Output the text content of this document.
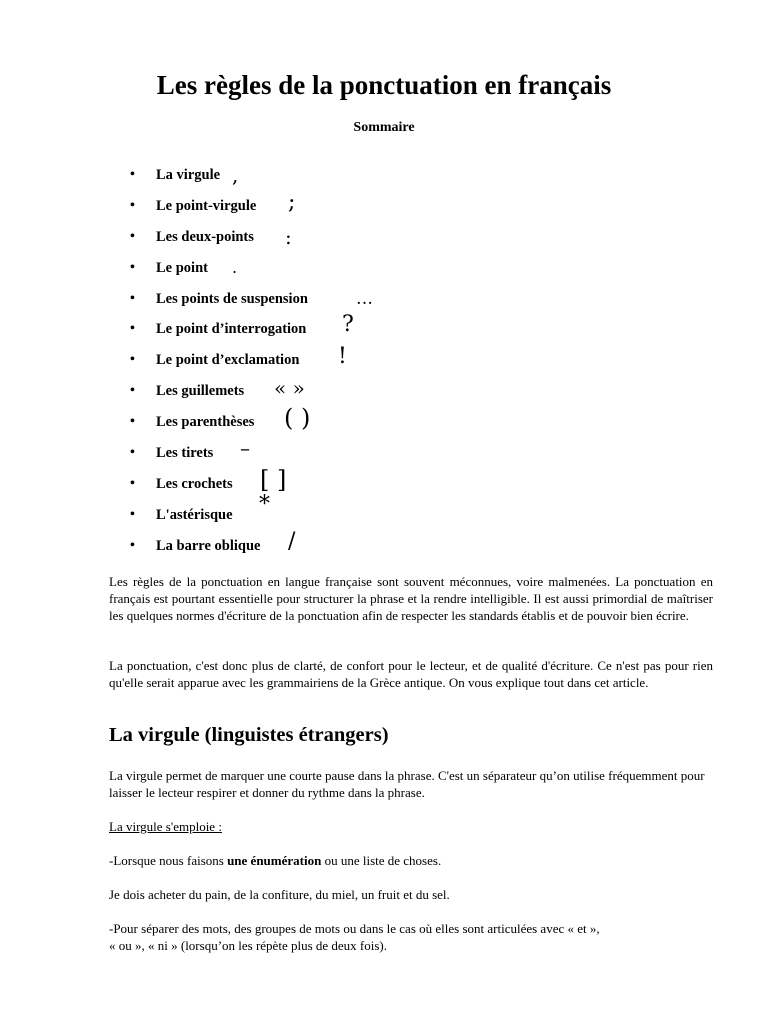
Les règles de la ponctuation en français
Sommaire
• La virgule ,
• Le point-virgule ;
• Les deux-points :
• Le point .
• Les points de suspension	…
• Le point d’interrogation ?
• Le point d’exclamation !
• Les guillemets « »
• Les parenthèses ( )
• Les tirets –
• Les crochets [ ]
• L'astérisque *
• La barre oblique /

Les règles de la ponctuation en langue française sont souvent méconnues, voire malmenées. La ponctuation en français est pourtant essentielle pour structurer la phrase et la rendre intelligible. Il est aussi primordial de maîtriser les quelques normes d'écriture de la ponctuation afin de respecter les standards établis et de pouvoir bien écrire.

La ponctuation, c'est donc plus de clarté, de confort pour le lecteur, et de qualité d'écriture. Ce n'est pas pour rien qu'elle serait apparue avec les grammairiens de la Grèce antique. On vous explique tout dans cet article.

La virgule (linguistes étrangers)

La virgule permet de marquer une courte pause dans la phrase. C'est un séparateur qu’on utilise fréquemment pour laisser le lecteur respirer et donner du rythme dans la phrase.

La virgule s'emploie :

-Lorsque nous faisons une énumération ou une liste de choses.

Je dois acheter du pain, de la confiture, du miel, un fruit et du sel.

-Pour séparer des mots, des groupes de mots ou dans le cas où elles sont articulées avec « et »,

« ou », « ni » (lorsqu’on les répète plus de deux fois).
